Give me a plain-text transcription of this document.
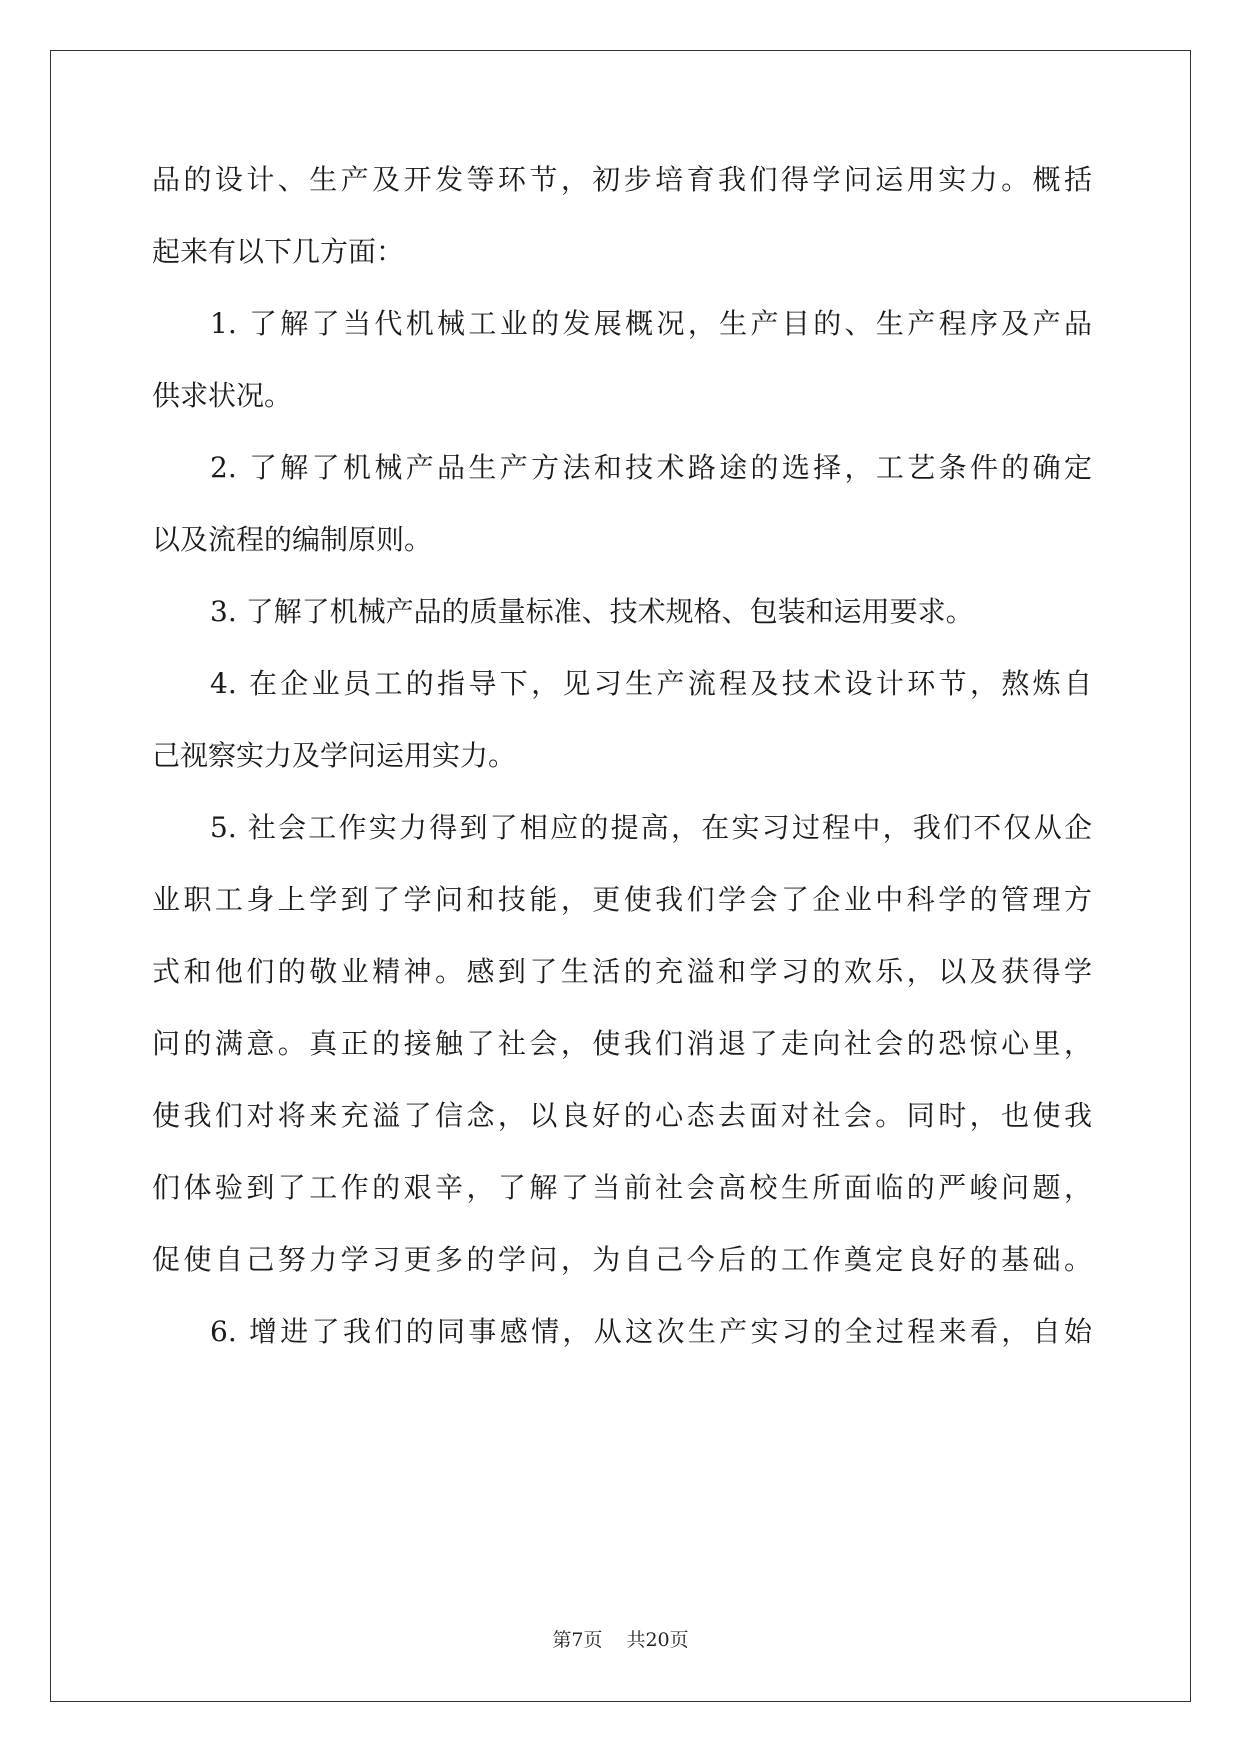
品的设计、生产及开发等环节，初步培育我们得学问运用实力。概括
起来有以下几方面：
1. 了解了当代机械工业的发展概况，生产目的、生产程序及产品
供求状况。
2. 了解了机械产品生产方法和技术路途的选择，工艺条件的确定
以及流程的编制原则。
3. 了解了机械产品的质量标准、技术规格、包装和运用要求。
4. 在企业员工的指导下，见习生产流程及技术设计环节，熬炼自
己视察实力及学问运用实力。
5. 社会工作实力得到了相应的提高，在实习过程中，我们不仅从企
业职工身上学到了学问和技能，更使我们学会了企业中科学的管理方
式和他们的敬业精神。感到了生活的充溢和学习的欢乐，以及获得学
问的满意。真正的接触了社会，使我们消退了走向社会的恐惊心里，
使我们对将来充溢了信念，以良好的心态去面对社会。同时，也使我
们体验到了工作的艰辛，了解了当前社会高校生所面临的严峻问题，
促使自己努力学习更多的学问，为自己今后的工作奠定良好的基础。
6. 增进了我们的同事感情，从这次生产实习的全过程来看，自始
第7页 共20页
